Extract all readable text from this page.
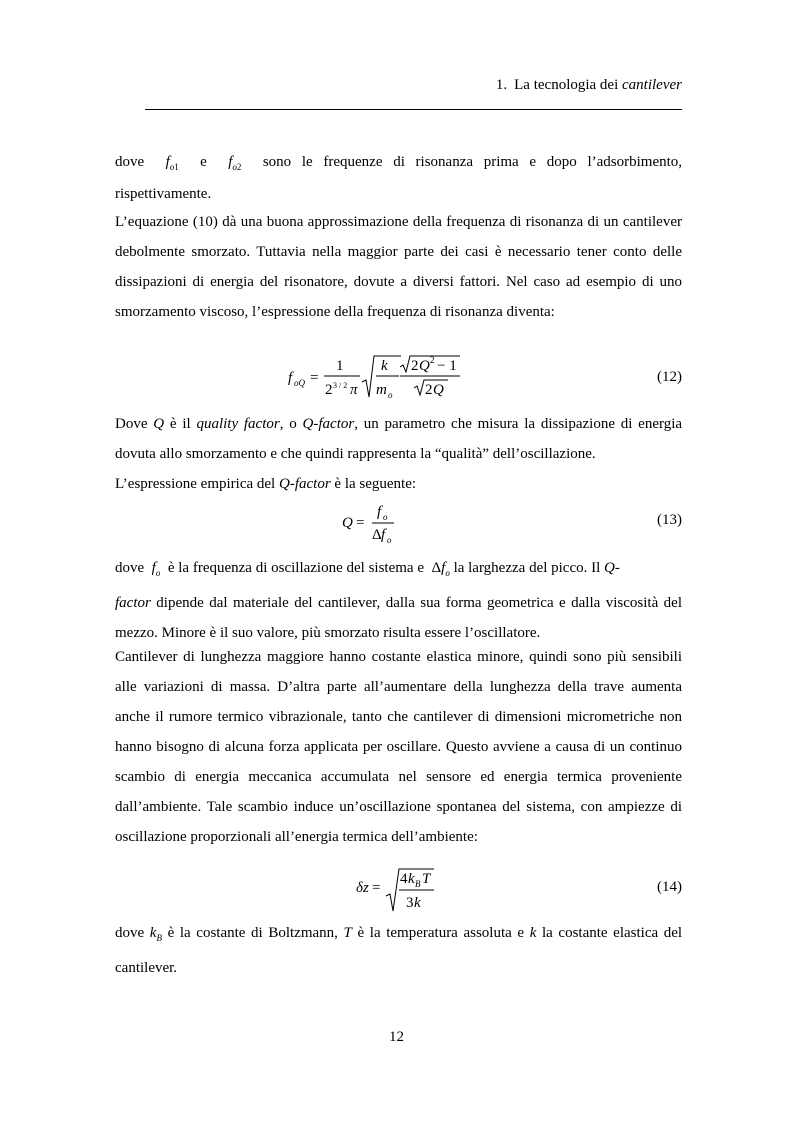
1. La tecnologia dei cantilever
dove $f_{o1}$ e $f_{o2}$ sono le frequenze di risonanza prima e dopo l’adsorbimento,
rispettivamente.
L’equazione (10) dà una buona approssimazione della frequenza di risonanza di un cantilever debolmente smorzato. Tuttavia nella maggior parte dei casi è necessario tener conto delle dissipazioni di energia del risonatore, dovute a diversi fattori. Nel caso ad esempio di uno smorzamento viscoso, l’espressione della frequenza di risonanza diventa:
f oQ =
1
2 3 / 2 π
k
m o
2 Q 2 − 1
2 Q
(12)
Dove Q è il quality factor, o Q-factor, un parametro che misura la dissipazione di energia dovuta allo smorzamento e che quindi rappresenta la “qualità” dell’oscillazione.
L’espressione empirica del Q-factor è la seguente:
Q =
f o
Δ f o
(13)
dove $f_o$ è la frequenza di oscillazione del sistema e  $\Delta f_o$ la larghezza del picco. Il Q-
factor dipende dal materiale del cantilever, dalla sua forma geometrica e dalla viscosità del mezzo. Minore è il suo valore, più smorzato risulta essere l’oscillatore.
Cantilever di lunghezza maggiore hanno costante elastica minore, quindi sono più sensibili alle variazioni di massa. D’altra parte all’aumentare della lunghezza della trave aumenta anche il rumore termico vibrazionale, tanto che cantilever di dimensioni micrometriche non hanno bisogno di alcuna forza applicata per oscillare. Questo avviene a causa di un continuo scambio di energia meccanica accumulata nel sensore ed energia termica proveniente dall’ambiente. Tale scambio induce un’oscillazione spontanea del sistema, con ampiezze di oscillazione proporzionali all’energia termica dell’ambiente:
δz =
4 k B T
3 k
(14)
dove $k_B$ è la costante di Boltzmann, T è la temperatura assoluta e k la costante elastica del cantilever.
12
